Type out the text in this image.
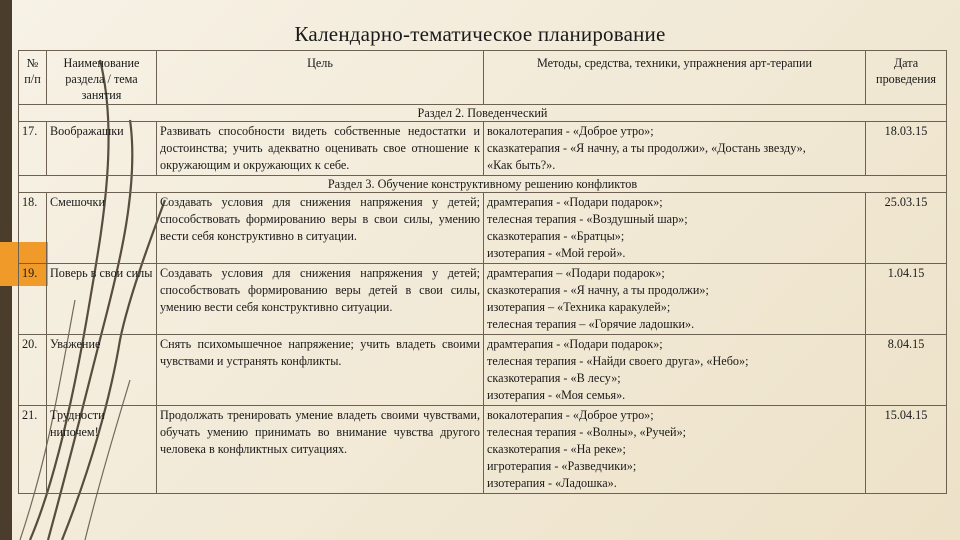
Календарно-тематическое планирование
№ п/п	Наименование раздела / тема занятия	Цель	Методы, средства, техники, упражнения арт-терапии	Дата проведения
Раздел 2. Поведенческий				
17.	Воображашки	Развивать способности видеть собственные недостатки и достоинства; учить адекватно оценивать свое отношение к окружающим и окружающих к себе.	вокалотерапия - «Доброе утро»;
сказкатерапия - «Я начну, а ты продолжи», «Достань звезду»,
«Как быть?».	18.03.15
Раздел 3. Обучение конструктивному решению конфликтов				
18.	Смешочки	Создавать условия для снижения напряжения у детей; способствовать формированию веры в свои силы, умению вести себя конструктивно в ситуации.	драмтерапия - «Подари подарок»;
телесная терапия - «Воздушный шар»;
сказкотерапия - «Братцы»;
изотерапия - «Мой герой».	25.03.15
19.	Поверь в свои силы	Создавать условия для снижения напряжения у детей; способствовать формированию веры детей в свои силы, умению вести себя конструктивно ситуации.	драмтерапия – «Подари подарок»;
сказкотерапия - «Я начну, а ты продолжи»;
изотерапия – «Техника каракулей»;
телесная терапия – «Горячие ладошки».	1.04.15
20.	Уважение	Снять психомышечное напряжение; учить владеть своими чувствами и устранять конфликты.	драмтерапия - «Подари подарок»;
телесная терапия - «Найди своего друга», «Небо»;
сказкотерапия - «В лесу»;
изотерапия - «Моя семья».	8.04.15
21.	Трудности нипочем!	Продолжать тренировать умение владеть своими чувствами, обучать умению принимать во внимание чувства другого человека в конфликтных ситуациях.	вокалотерапия - «Доброе утро»;
телесная терапия - «Волны», «Ручей»;
сказкотерапия - «На реке»;
игротерапия - «Разведчики»;
изотерапия - «Ладошка».	15.04.15
